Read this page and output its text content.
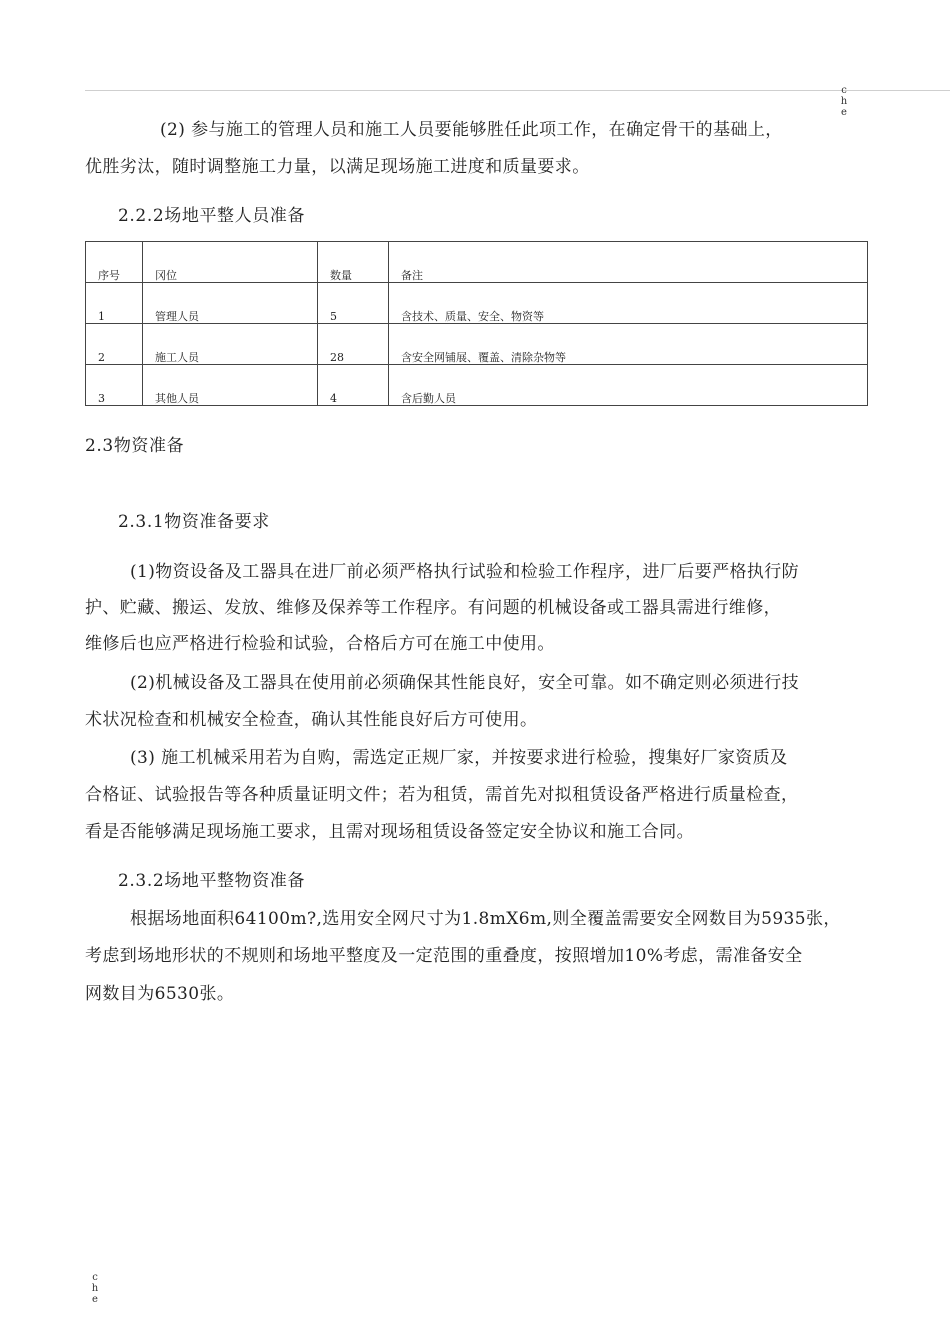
c
h
e
(2) 参与施工的管理人员和施工人员要能够胜任此项工作，在确定骨干的基础上，
优胜劣汰，随时调整施工力量，以满足现场施工进度和质量要求。
2.2.2场地平整人员准备
序号	冈位	数量	备注
1	管理人员	5	含技术、质量、安全、物资等
2	施工人员	28	含安全网铺展、覆盖、清除杂物等
3	其他人员	4	含后勤人员
2.3物资准备
2.3.1物资准备要求
(1)物资设备及工器具在进厂前必须严格执行试验和检验工作程序，进厂后要严格执行防
护、贮藏、搬运、发放、维修及保养等工作程序。有问题的机械设备或工器具需进行维修，
维修后也应严格进行检验和试验，合格后方可在施工中使用。
(2)机械设备及工器具在使用前必须确保其性能良好，安全可靠。如不确定则必须进行技
术状况检查和机械安全检查，确认其性能良好后方可使用。
(3) 施工机械采用若为自购，需选定正规厂家，并按要求进行检验，搜集好厂家资质及
合格证、试验报告等各种质量证明文件；若为租赁，需首先对拟租赁设备严格进行质量检查，
看是否能够满足现场施工要求，且需对现场租赁设备签定安全协议和施工合同。
2.3.2场地平整物资准备
根据场地面积64100m?,选用安全网尺寸为1.8mX6m,则全覆盖需要安全网数目为5935张，
考虑到场地形状的不规则和场地平整度及一定范围的重叠度，按照增加10%考虑，需准备安全
网数目为6530张。
c
h
e
